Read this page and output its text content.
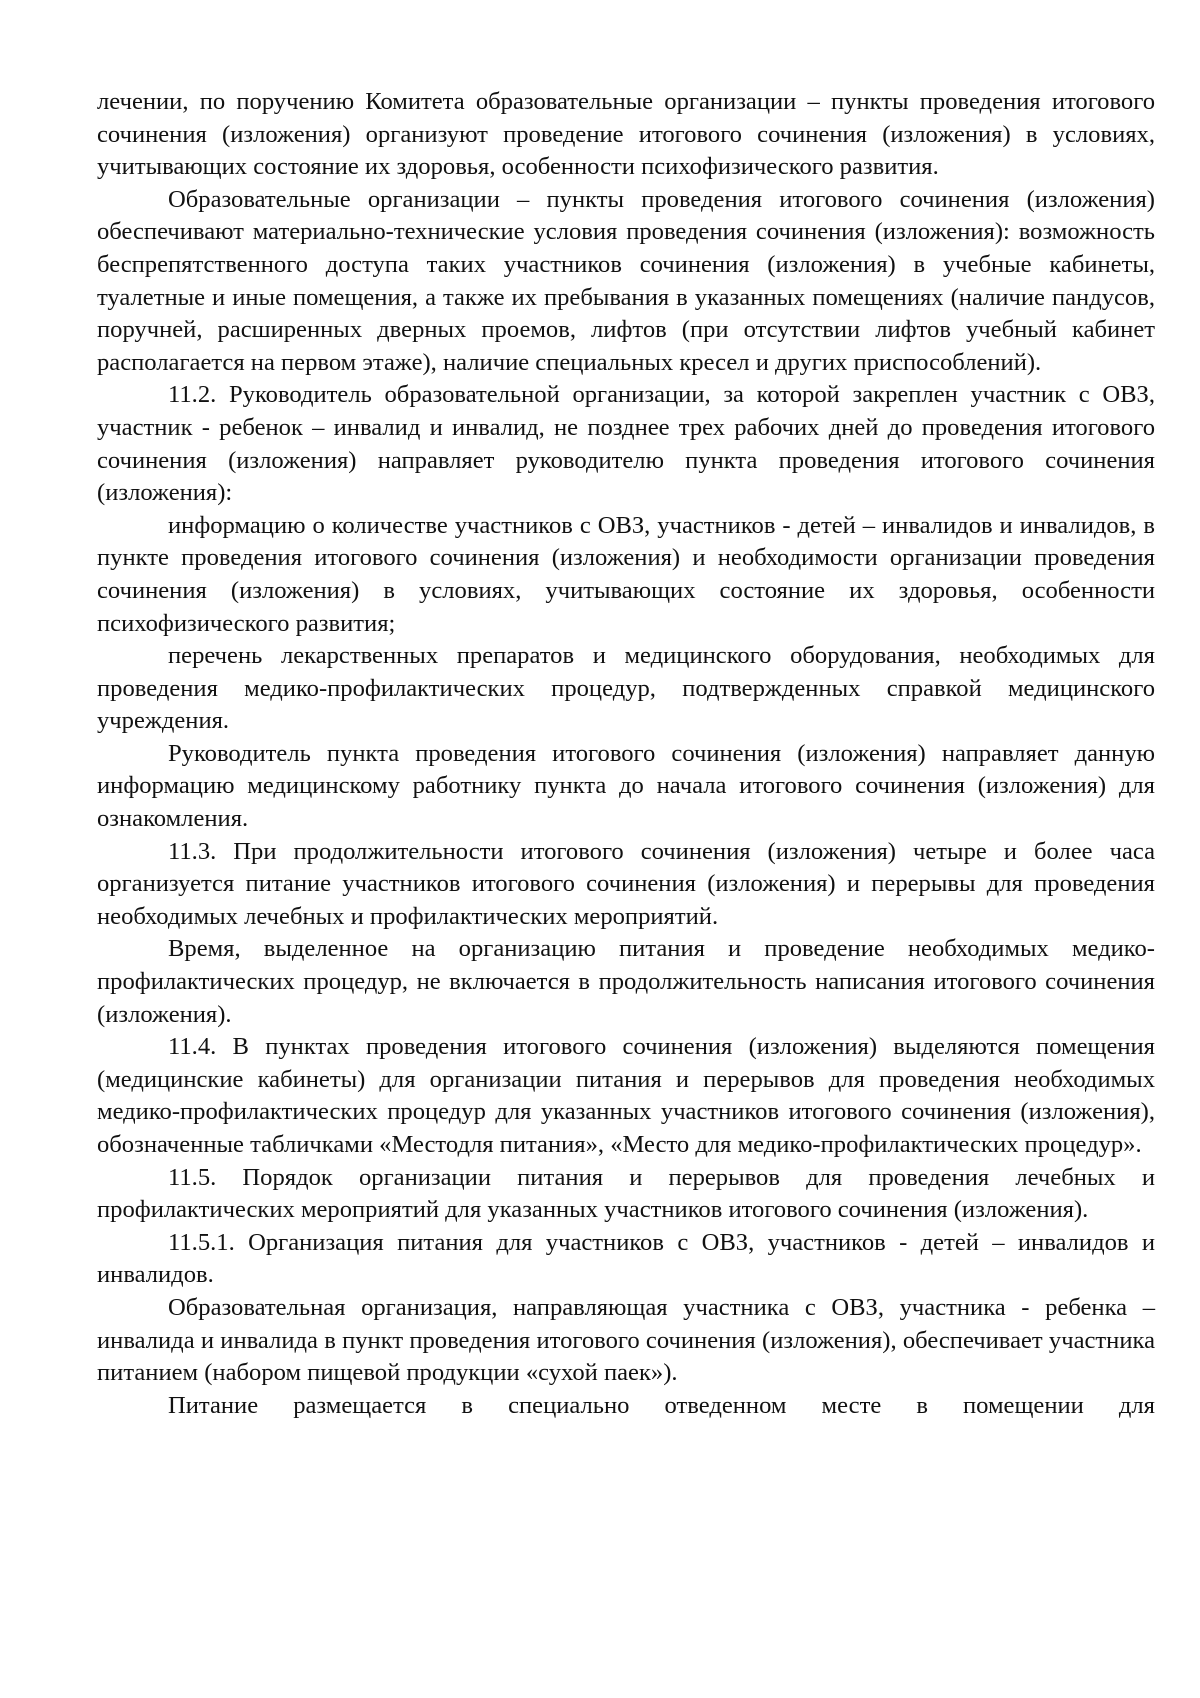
лечении, по поручению Комитета образовательные организации – пункты проведения итогового сочинения (изложения) организуют проведение итогового сочинения (изложения) в условиях, учитывающих состояние их здоровья, особенности психофизического развития.

Образовательные организации – пункты проведения итогового сочинения (изложения) обеспечивают материально-технические условия проведения сочинения (изложения): возможность беспрепятственного доступа таких участников сочинения (изложения) в учебные кабинеты, туалетные и иные помещения, а также их пребывания в указанных помещениях (наличие пандусов, поручней, расширенных дверных проемов, лифтов (при отсутствии лифтов учебный кабинет располагается на первом этаже), наличие специальных кресел и других приспособлений).

11.2. Руководитель образовательной организации, за которой закреплен участник с ОВЗ, участник - ребенок – инвалид и инвалид, не позднее трех рабочих дней до проведения итогового сочинения (изложения) направляет руководителю пункта проведения итогового сочинения (изложения):

информацию о количестве участников с ОВЗ, участников - детей – инвалидов и инвалидов, в пункте проведения итогового сочинения (изложения) и необходимости организации проведения сочинения (изложения) в условиях, учитывающих состояние их здоровья, особенности психофизического развития;

перечень лекарственных препаратов и медицинского оборудования, необходимых для проведения медико-профилактических процедур, подтвержденных справкой медицинского учреждения.

Руководитель пункта проведения итогового сочинения (изложения) направляет данную информацию медицинскому работнику пункта до начала итогового сочинения (изложения) для ознакомления.

11.3. При продолжительности итогового сочинения (изложения) четыре и более часа организуется питание участников итогового сочинения (изложения) и перерывы для проведения необходимых лечебных и профилактических мероприятий.

Время, выделенное на организацию питания и проведение необходимых медико-профилактических процедур, не включается в продолжительность написания итогового сочинения (изложения).

11.4. В пунктах проведения итогового сочинения (изложения) выделяются помещения (медицинские кабинеты) для организации питания и перерывов для проведения необходимых медико-профилактических процедур для указанных участников итогового сочинения (изложения), обозначенные табличками «Местодля питания», «Место для медико-профилактических процедур».

11.5. Порядок организации питания и перерывов для проведения лечебных и профилактических мероприятий для указанных участников итогового сочинения (изложения).

11.5.1. Организация питания для участников с ОВЗ, участников - детей – инвалидов и инвалидов.

Образовательная организация, направляющая участника с ОВЗ, участника - ребенка – инвалида и инвалида в пункт проведения итогового сочинения (изложения), обеспечивает участника питанием (набором пищевой продукции «сухой паек»).

Питание размещается в специально отведенном месте в помещении для
